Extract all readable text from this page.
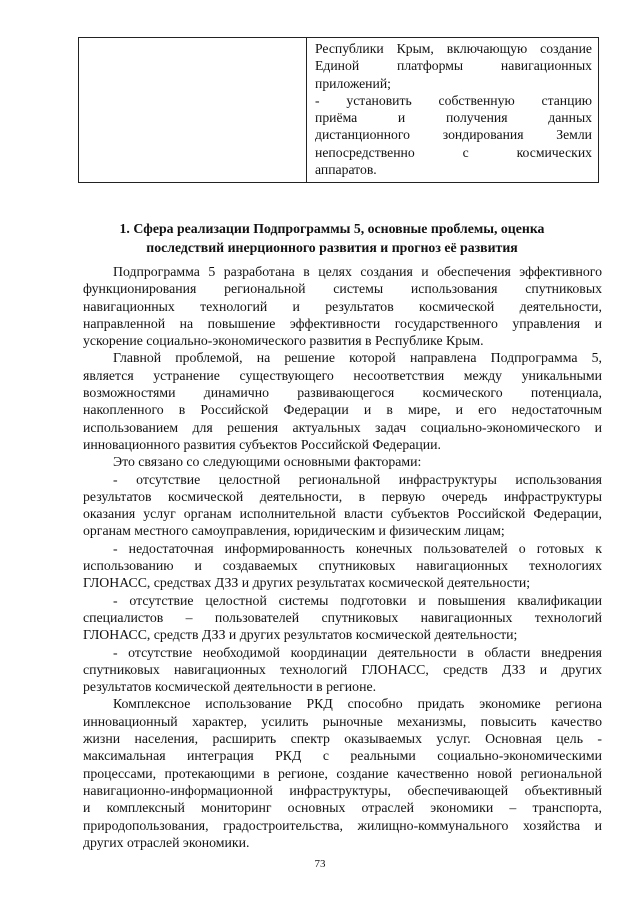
Республики Крым, включающую создание
Единой платформы навигационных
приложений;
- установить собственную станцию
приёма и получения данных
дистанционного зондирования Земли
непосредственно с космических
аппаратов.
1. Сфера реализации Подпрограммы 5, основные проблемы, оценка
последствий инерционного развития и прогноз её развития
Подпрограмма 5 разработана в целях создания и обеспечения эффективного
функционирования региональной системы использования спутниковых
навигационных технологий и результатов космической деятельности,
направленной на повышение эффективности государственного управления и
ускорение социально-экономического развития в Республике Крым.
Главной проблемой, на решение которой направлена Подпрограмма 5,
является устранение существующего несоответствия между уникальными
возможностями динамично развивающегося космического потенциала,
накопленного в Российской Федерации и в мире, и его недостаточным
использованием для решения актуальных задач социально-экономического и
инновационного развития субъектов Российской Федерации.
Это связано со следующими основными факторами:
- отсутствие целостной региональной инфраструктуры использования
результатов космической деятельности, в первую очередь инфраструктуры
оказания услуг органам исполнительной власти субъектов Российской Федерации,
органам местного самоуправления, юридическим и физическим лицам;
- недостаточная информированность конечных пользователей о готовых к
использованию и создаваемых спутниковых навигационных технологиях
ГЛОНАСС, средствах ДЗЗ и других результатах космической деятельности;
- отсутствие целостной системы подготовки и повышения квалификации
специалистов – пользователей спутниковых навигационных технологий
ГЛОНАСС, средств ДЗЗ и других результатов космической деятельности;
- отсутствие необходимой координации деятельности в области внедрения
спутниковых навигационных технологий ГЛОНАСС, средств ДЗЗ и других
результатов космической деятельности в регионе.
Комплексное использование РКД способно придать экономике региона
инновационный характер, усилить рыночные механизмы, повысить качество
жизни населения, расширить спектр оказываемых услуг. Основная цель -
максимальная интеграция РКД с реальными социально-экономическими
процессами, протекающими в регионе, создание качественно новой региональной
навигационно-информационной инфраструктуры, обеспечивающей объективный
и комплексный мониторинг основных отраслей экономики – транспорта,
природопользования, градостроительства, жилищно-коммунального хозяйства и
других отраслей экономики.
73
